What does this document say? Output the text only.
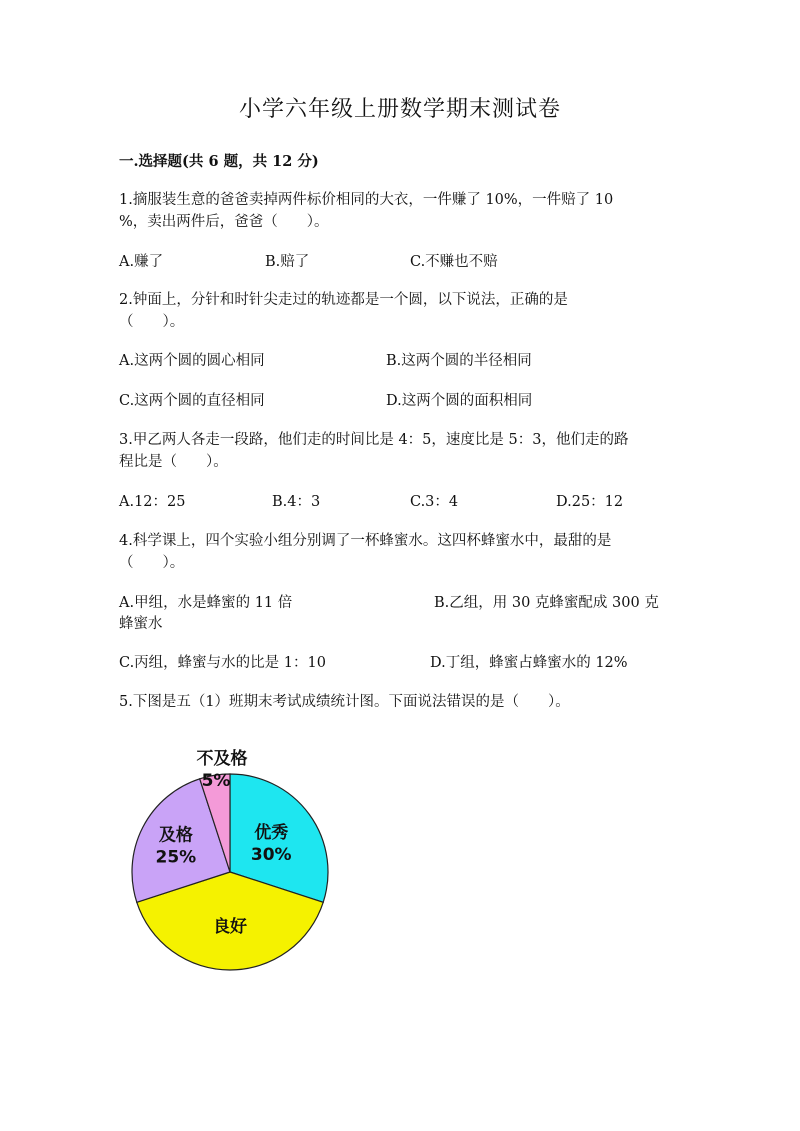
小学六年级上册数学期末测试卷
一.选择题(共 6 题，共 12 分)
1.摘服装生意的爸爸卖掉两件标价相同的大衣，一件赚了 10%，一件赔了 10
%，卖出两件后，爸爸（　　）。
A.赚了	B.赔了	C.不赚也不赔
2.钟面上，分针和时针尖走过的轨迹都是一个圆，以下说法，正确的是
（　　）。
A.这两个圆的圆心相同	B.这两个圆的半径相同
C.这两个圆的直径相同	D.这两个圆的面积相同
3.甲乙两人各走一段路，他们走的时间比是 4：5，速度比是 5：3，他们走的路
程比是（　　）。
A.12：25	B.4：3	C.3：4	D.25：12
4.科学课上，四个实验小组分别调了一杯蜂蜜水。这四杯蜂蜜水中，最甜的是
（　　）。
A.甲组，水是蜂蜜的 11 倍	B.乙组，用 30 克蜂蜜配成 300 克
蜂蜜水
C.丙组，蜂蜜与水的比是 1：10	D.丁组，蜂蜜占蜂蜜水的 12%
5.下图是五（1）班期末考试成绩统计图。下面说法错误的是（　　）。
优秀
30%
良好
及格
25%
不及格
5%
